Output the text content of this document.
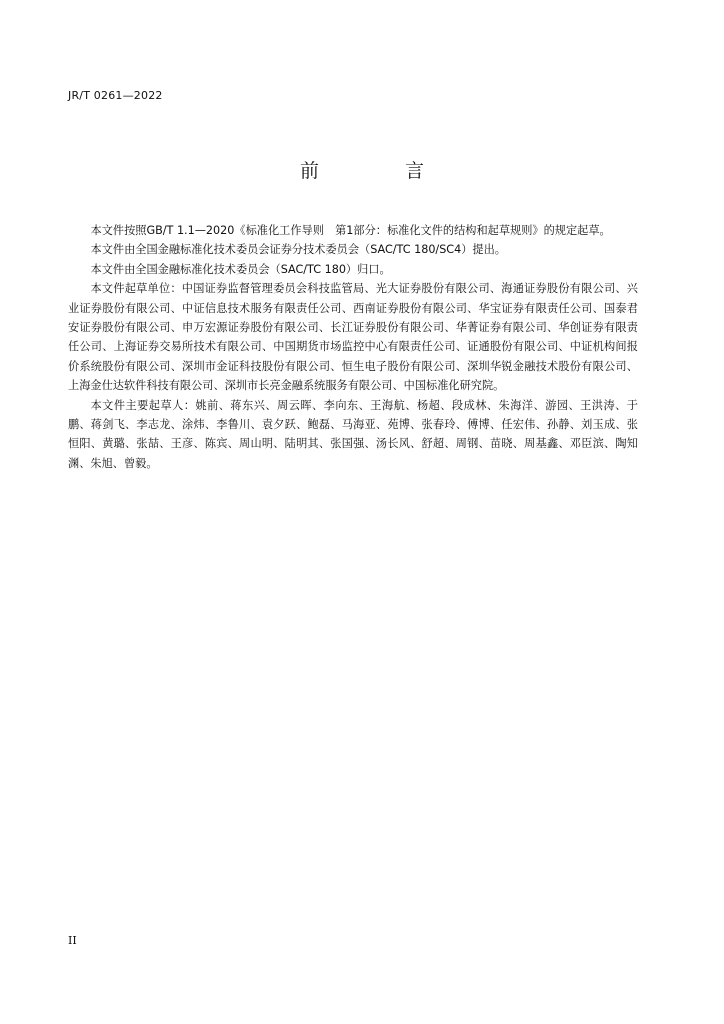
JR/T 0261—2022
前 言

本文件按照GB/T 1.1—2020《标准化工作导则　第1部分：标准化文件的结构和起草规则》的规定起草。

本文件由全国金融标准化技术委员会证券分技术委员会（SAC/TC 180/SC4）提出。

本文件由全国金融标准化技术委员会（SAC/TC 180）归口。

本文件起草单位：中国证券监督管理委员会科技监管局、光大证券股份有限公司、海通证券股份有限公司、兴业证券股份有限公司、中证信息技术服务有限责任公司、西南证券股份有限公司、华宝证券有限责任公司、国泰君安证券股份有限公司、申万宏源证券股份有限公司、长江证券股份有限公司、华菁证券有限公司、华创证券有限责任公司、上海证券交易所技术有限公司、中国期货市场监控中心有限责任公司、证通股份有限公司、中证机构间报价系统股份有限公司、深圳市金证科技股份有限公司、恒生电子股份有限公司、深圳华锐金融技术股份有限公司、上海金仕达软件科技有限公司、深圳市长亮金融系统服务有限公司、中国标准化研究院。

本文件主要起草人：姚前、蒋东兴、周云晖、李向东、王海航、杨超、段成林、朱海洋、游园、王洪涛、于鹏、蒋剑飞、李志龙、涂炜、李鲁川、袁夕跃、鲍磊、马海亚、苑博、张春玲、傅博、任宏伟、孙静、刘玉成、张恒阳、黄璐、张喆、王彦、陈宾、周山明、陆明其、张国强、汤长风、舒超、周钢、苗晓、周基鑫、邓臣滨、陶知渊、朱旭、曾毅。

II
